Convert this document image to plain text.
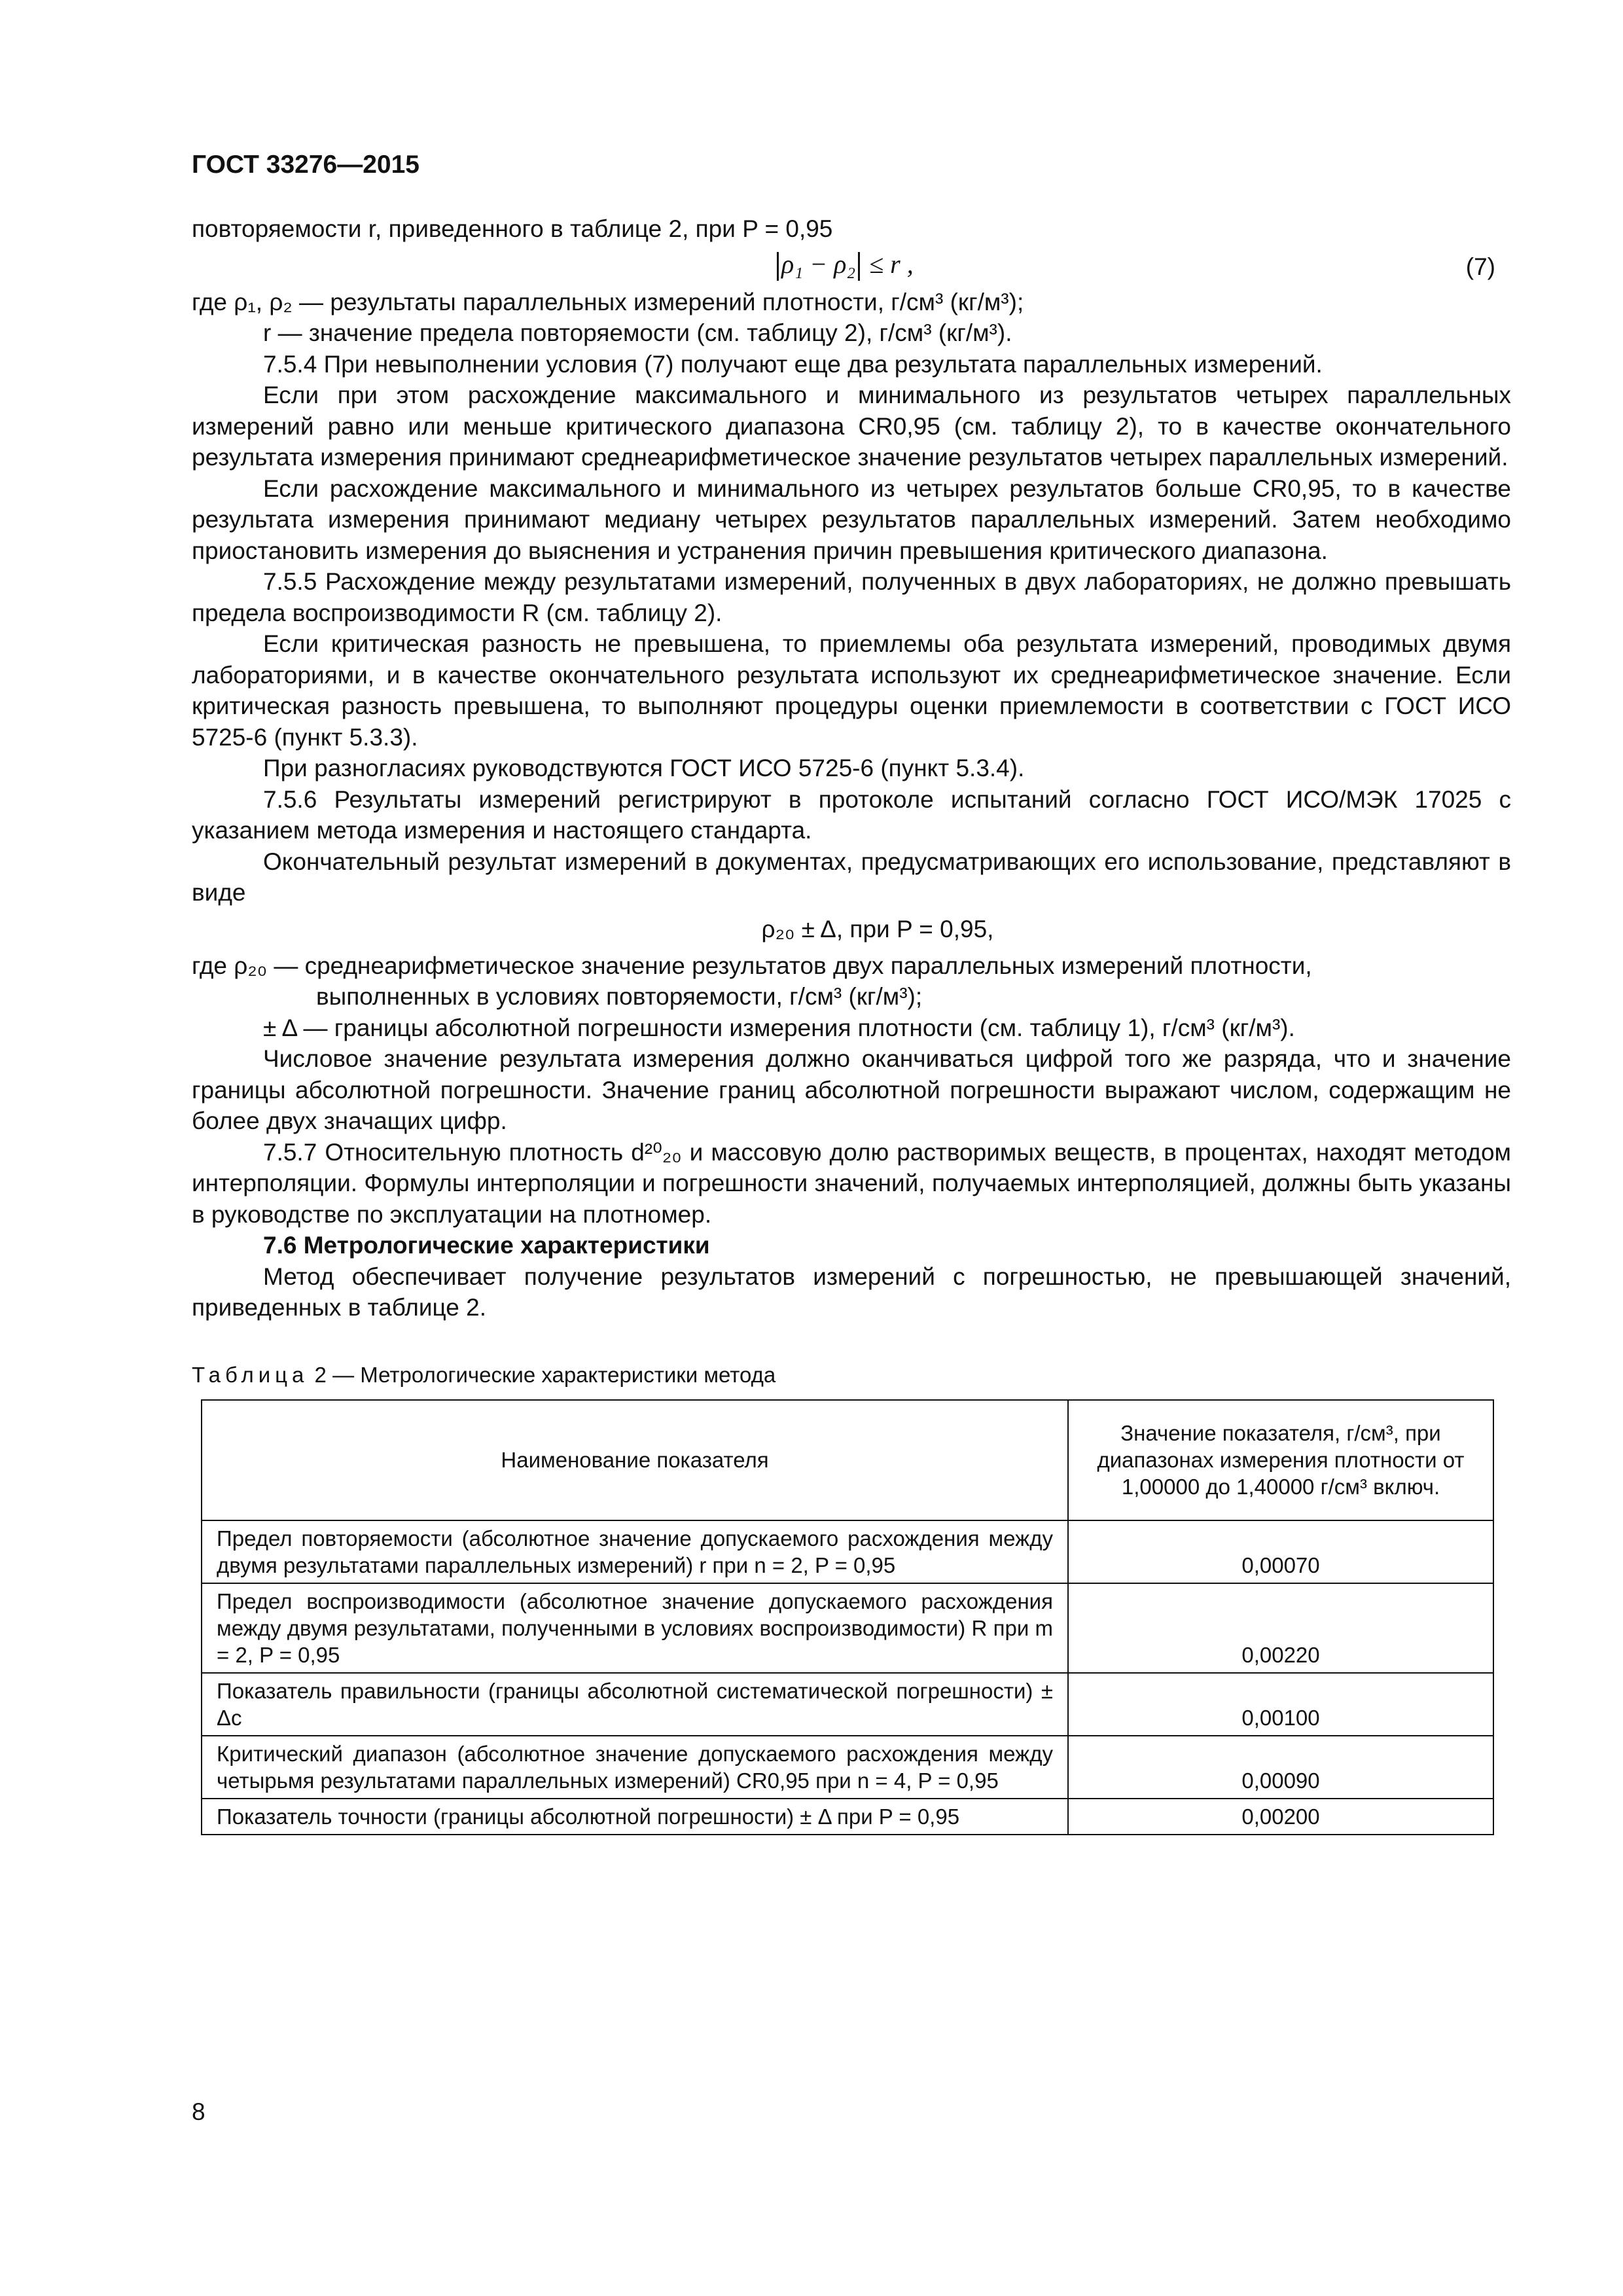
ГОСТ 33276—2015

повторяемости r, приведенного в таблице 2, при P = 0,95

ρ₁ − ρ₂ ≤ r ,	(7)

где ρ₁, ρ₂ — результаты параллельных измерений плотности, г/см³ (кг/м³);

r — значение предела повторяемости (см. таблицу 2), г/см³ (кг/м³).

7.5.4 При невыполнении условия (7) получают еще два результата параллельных измерений.

Если при этом расхождение максимального и минимального из результатов четырех параллельных измерений равно или меньше критического диапазона CR0,95 (см. таблицу 2), то в качестве окончательного результата измерения принимают среднеарифметическое значение результатов четырех параллельных измерений.

Если расхождение максимального и минимального из четырех результатов больше CR0,95, то в качестве результата измерения принимают медиану четырех результатов параллельных измерений. Затем необходимо приостановить измерения до выяснения и устранения причин превышения критического диапазона.

7.5.5 Расхождение между результатами измерений, полученных в двух лабораториях, не должно превышать предела воспроизводимости R (см. таблицу 2).

Если критическая разность не превышена, то приемлемы оба результата измерений, проводимых двумя лабораториями, и в качестве окончательного результата используют их среднеарифметическое значение. Если критическая разность превышена, то выполняют процедуры оценки приемлемости в соответствии с ГОСТ ИСО 5725-6 (пункт 5.3.3).

При разногласиях руководствуются ГОСТ ИСО 5725-6 (пункт 5.3.4).

7.5.6 Результаты измерений регистрируют в протоколе испытаний согласно ГОСТ ИСО/МЭК 17025 с указанием метода измерения и настоящего стандарта.

Окончательный результат измерений в документах, предусматривающих его использование, представляют в виде

ρ₂₀ ± Δ, при P = 0,95,

где ρ₂₀ — среднеарифметическое значение результатов двух параллельных измерений плотности,

выполненных в условиях повторяемости, г/см³ (кг/м³);

± Δ — границы абсолютной погрешности измерения плотности (см. таблицу 1), г/см³ (кг/м³).

Числовое значение результата измерения должно оканчиваться цифрой того же разряда, что и значение границы абсолютной погрешности. Значение границ абсолютной погрешности выражают числом, содержащим не более двух значащих цифр.

7.5.7 Относительную плотность d²⁰₂₀ и массовую долю растворимых веществ, в процентах, находят методом интерполяции. Формулы интерполяции и погрешности значений, получаемых интерполяцией, должны быть указаны в руководстве по эксплуатации на плотномер.

7.6 Метрологические характеристики

Метод обеспечивает получение результатов измерений с погрешностью, не превышающей значений, приведенных в таблице 2.

Таблица 2 — Метрологические характеристики метода
Наименование показателя	Значение показателя, г/см³, при диапазонах измерения плотности от 1,00000 до 1,40000 г/см³ включ.
Предел повторяемости (абсолютное значение допускаемого расхождения между двумя результатами параллельных измерений) r при n = 2, P = 0,95	0,00070
Предел воспроизводимости (абсолютное значение допускаемого расхождения между двумя результатами, полученными в условиях воспроизводимости) R при m = 2, P = 0,95	0,00220
Показатель правильности (границы абсолютной систематической погрешности) ± Δc	0,00100
Критический диапазон (абсолютное значение допускаемого расхождения между четырьмя результатами параллельных измерений) CR0,95 при n = 4, P = 0,95	0,00090
Показатель точности (границы абсолютной погрешности) ± Δ при P = 0,95	0,00200
8
